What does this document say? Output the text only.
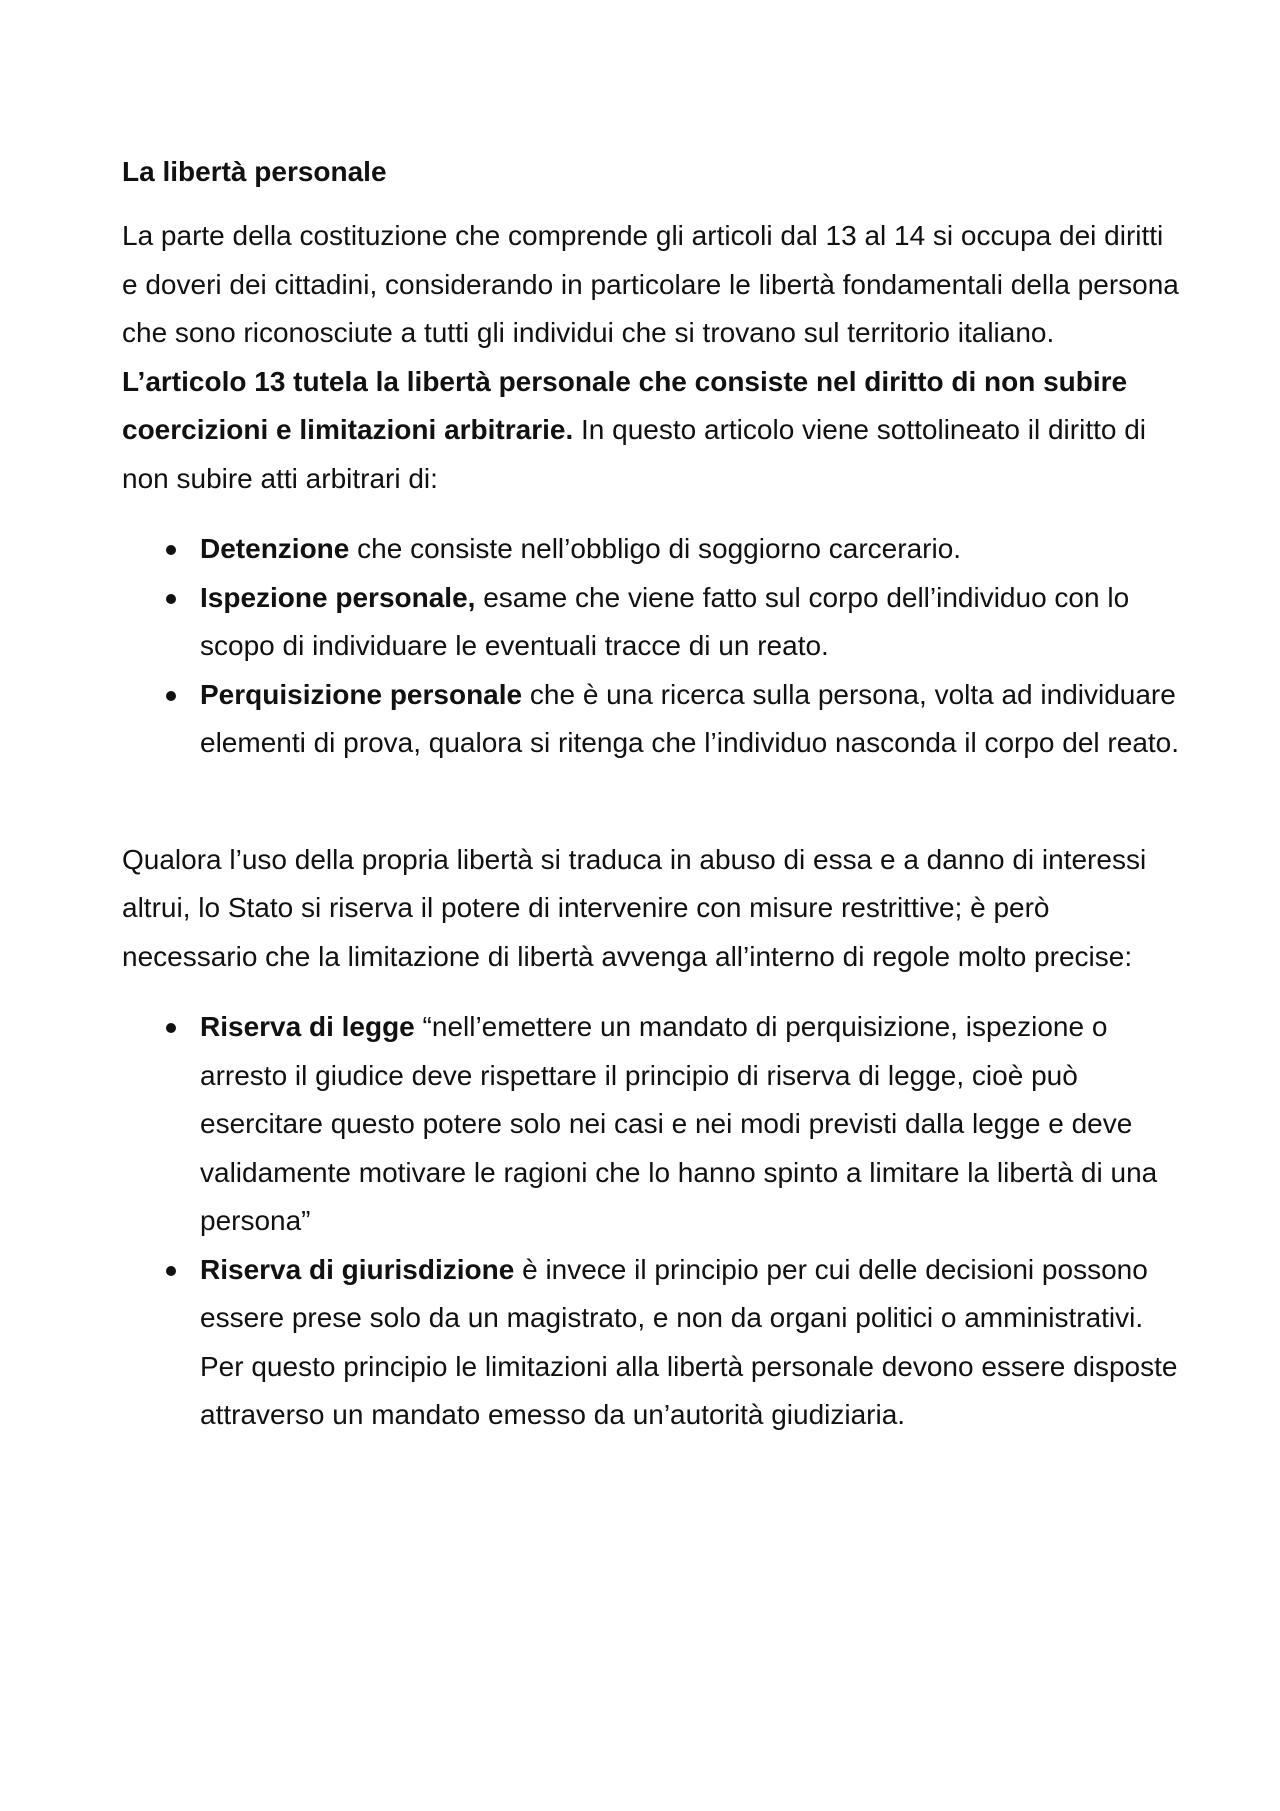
La libertà personale

La parte della costituzione che comprende gli articoli dal 13 al 14 si occupa dei diritti e doveri dei cittadini, considerando in particolare le libertà fondamentali della persona che sono riconosciute a tutti gli individui che si trovano sul territorio italiano. L’articolo 13 tutela la libertà personale che consiste nel diritto di non subire coercizioni e limitazioni arbitrarie. In questo articolo viene sottolineato il diritto di non subire atti arbitrari di:

Detenzione che consiste nell’obbligo di soggiorno carcerario.
Ispezione personale, esame che viene fatto sul corpo dell’individuo con lo scopo di individuare le eventuali tracce di un reato.
Perquisizione personale che è una ricerca sulla persona, volta ad individuare elementi di prova, qualora si ritenga che l’individuo nasconda il corpo del reato.

Qualora l’uso della propria libertà si traduca in abuso di essa e a danno di interessi altrui, lo Stato si riserva il potere di intervenire con misure restrittive; è però necessario che la limitazione di libertà avvenga all’interno di regole molto precise:

Riserva di legge “nell’emettere un mandato di perquisizione, ispezione o arresto il giudice deve rispettare il principio di riserva di legge, cioè può esercitare questo potere solo nei casi e nei modi previsti dalla legge e deve validamente motivare le ragioni che lo hanno spinto a limitare la libertà di una persona”
Riserva di giurisdizione è invece il principio per cui delle decisioni possono essere prese solo da un magistrato, e non da organi politici o amministrativi. Per questo principio le limitazioni alla libertà personale devono essere disposte attraverso un mandato emesso da un’autorità giudiziaria.
